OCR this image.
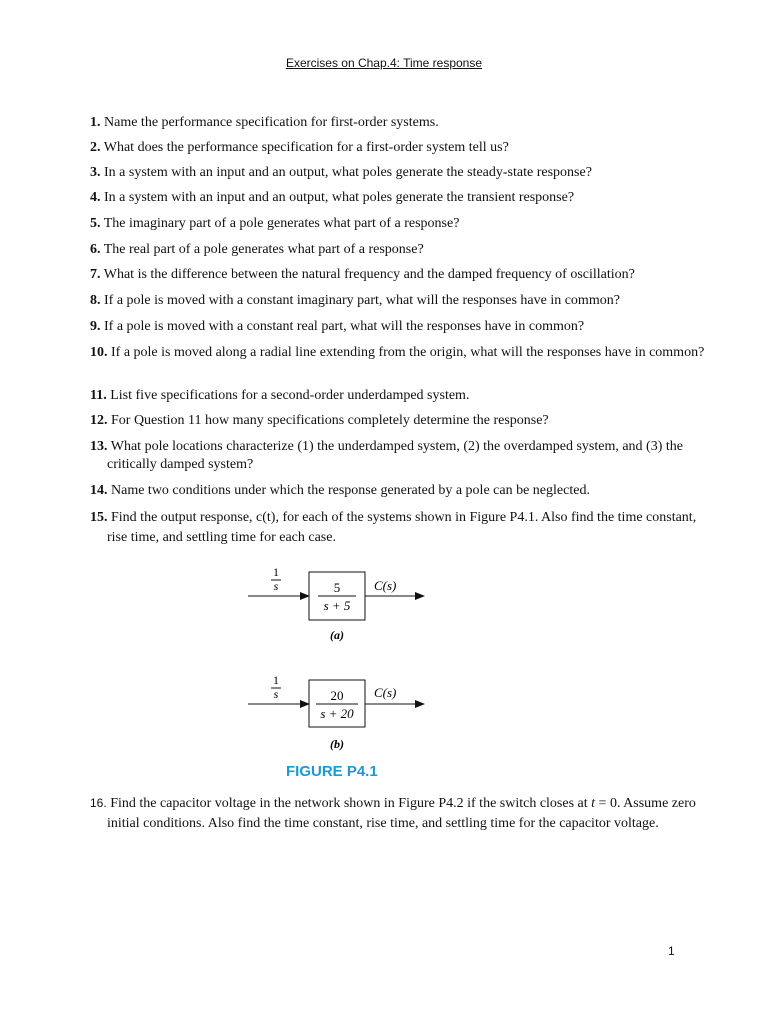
Exercises on Chap.4: Time response

1. Name the performance specification for first-order systems.

2. What does the performance specification for a first-order system tell us?

3. In a system with an input and an output, what poles generate the steady-state response?

4. In a system with an input and an output, what poles generate the transient response?

5. The imaginary part of a pole generates what part of a response?

6. The real part of a pole generates what part of a response?

7. What is the difference between the natural frequency and the damped frequency of oscillation?

8. If a pole is moved with a constant imaginary part, what will the responses have in common?

9. If a pole is moved with a constant real part, what will the responses have in common?

10. If a pole is moved along a radial line extending from the origin, what will the responses have in common?

11. List five specifications for a second-order underdamped system.

12. For Question 11 how many specifications completely determine the response?

13. What pole locations characterize (1) the underdamped system, (2) the overdamped system, and (3) the critically damped system?

14. Name two conditions under which the response generated by a pole can be neglected.

15. Find the output response, c(t), for each of the systems shown in Figure P4.1. Also find the time constant, rise time, and settling time for each case.

1
s	5
s + 5
C(s)
(a)
1
s	20
s + 20
C(s)
(b)
FIGURE P4.1

16. Find the capacitor voltage in the network shown in Figure P4.2 if the switch closes at t = 0. Assume zero initial conditions. Also find the time constant, rise time, and settling time for the capacitor voltage.

1
